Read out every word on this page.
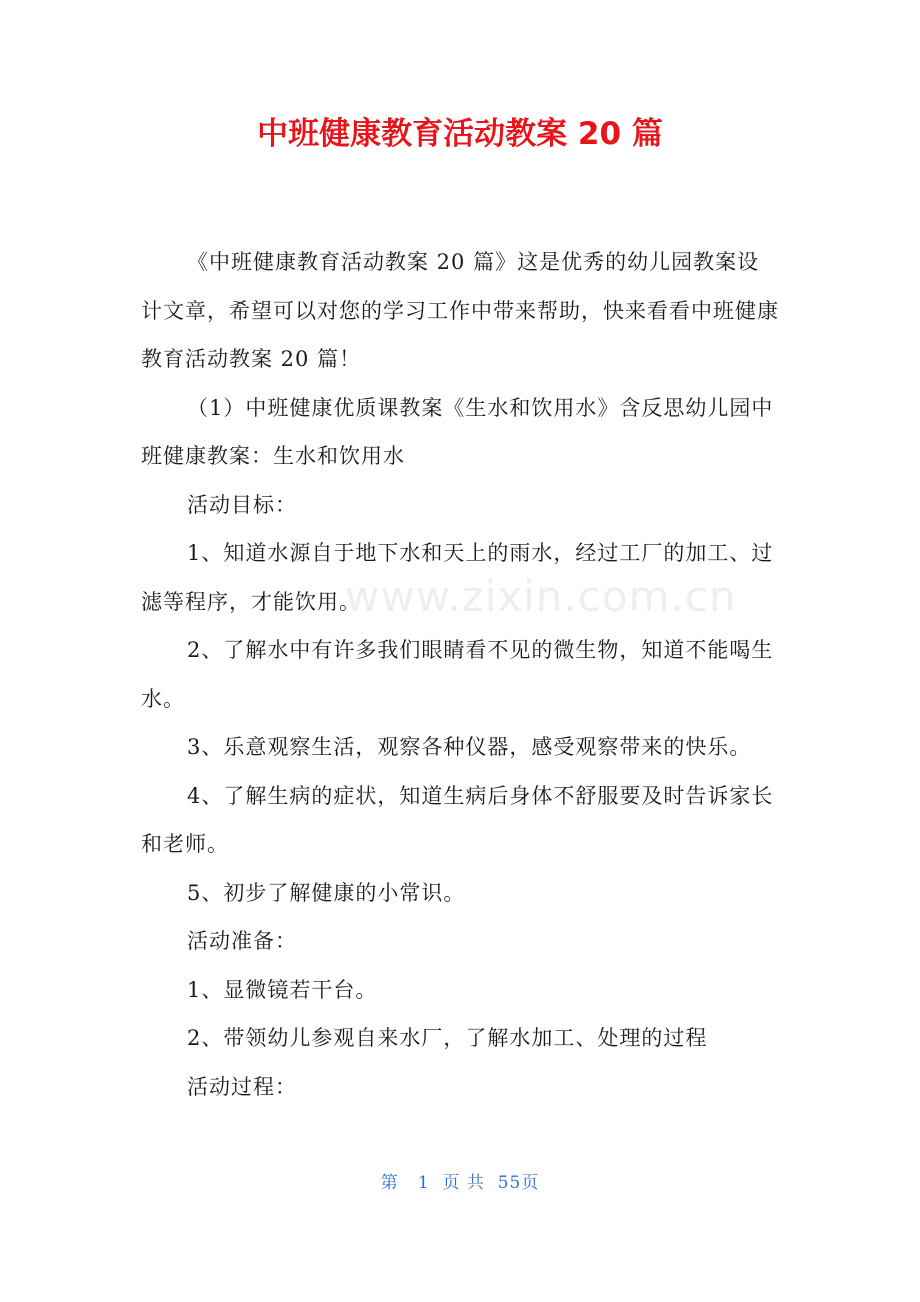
中班健康教育活动教案 20 篇
www.zixin.com.cn

《中班健康教育活动教案 20 篇》这是优秀的幼儿园教案设计文章，希望可以对您的学习工作中带来帮助，快来看看中班健康教育活动教案 20 篇！

（1）中班健康优质课教案《生水和饮用水》含反思幼儿园中班健康教案：生水和饮用水

活动目标：

1、知道水源自于地下水和天上的雨水，经过工厂的加工、过滤等程序，才能饮用。

2、了解水中有许多我们眼睛看不见的微生物，知道不能喝生水。

3、乐意观察生活，观察各种仪器，感受观察带来的快乐。

4、了解生病的症状，知道生病后身体不舒服要及时告诉家长和老师。

5、初步了解健康的小常识。

活动准备：

1、显微镜若干台。

2、带领幼儿参观自来水厂，了解水加工、处理的过程

活动过程：

第 1 页 共 55页
